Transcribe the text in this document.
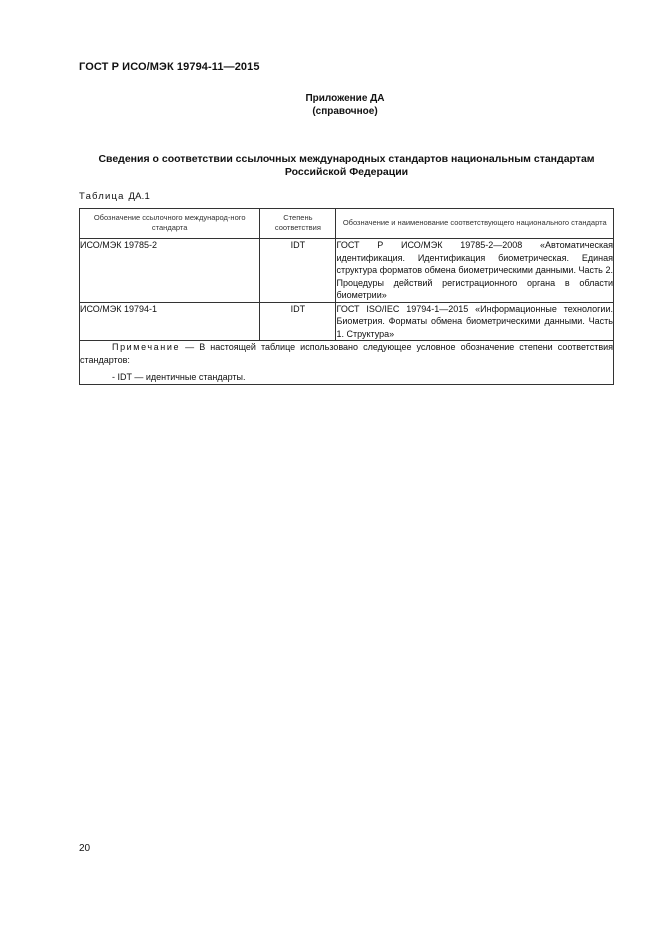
ГОСТ Р ИСО/МЭК 19794-11—2015
Приложение ДА
(справочное)
Сведения о соответствии ссылочных международных стандартов национальным стандартам Российской Федерации
Таблица ДА.1
Обозначение ссылочного международ-ного стандарта	Степень соответствия	Обозначение и наименование соответствующего национального стандарта
ИСО/МЭК 19785-2	IDT	ГОСТ Р ИСО/МЭК 19785-2—2008 «Автоматическая идентификация. Идентификация биометрическая. Единая структура форматов обмена биометрическими данными. Часть 2. Процедуры действий регистрационного органа в области биометрии»
ИСО/МЭК 19794-1	IDT	ГОСТ ISO/IEC 19794-1—2015 «Информационные технологии. Биометрия. Форматы обмена биометрическими данными. Часть 1. Структура»

Примечание — В настоящей таблице использовано следующее условное обозначение степени соответствия стандартов:
- IDT — идентичные стандарты.		
20
